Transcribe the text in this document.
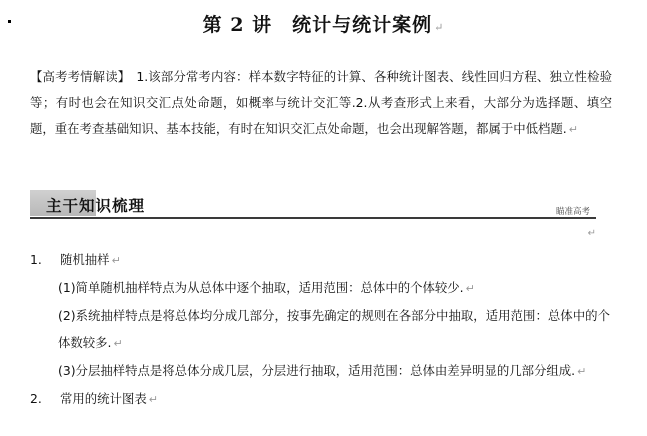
第 2 讲　统计与统计案例 ↵
【高考考情解读】 1.该部分常考内容：样本数字特征的计算、各种统计图表、线性回归方程、独立性检验等；有时也会在知识交汇点处命题，如概率与统计交汇等.2.从考查形式上来看，大部分为选择题、填空题，重在考查基础知识、基本技能，有时在知识交汇点处命题，也会出现解答题，都属于中低档题. ↵
主干知识梳理	瞄准高考
↵
1.	随机抽样 ↵
(1)简单随机抽样特点为从总体中逐个抽取，适用范围：总体中的个体较少. ↵
(2)系统抽样特点是将总体均分成几部分，按事先确定的规则在各部分中抽取，适用范围：总体中的个体数较多. ↵
(3)分层抽样特点是将总体分成几层，分层进行抽取，适用范围：总体由差异明显的几部分组成. ↵
2.	常用的统计图表 ↵
